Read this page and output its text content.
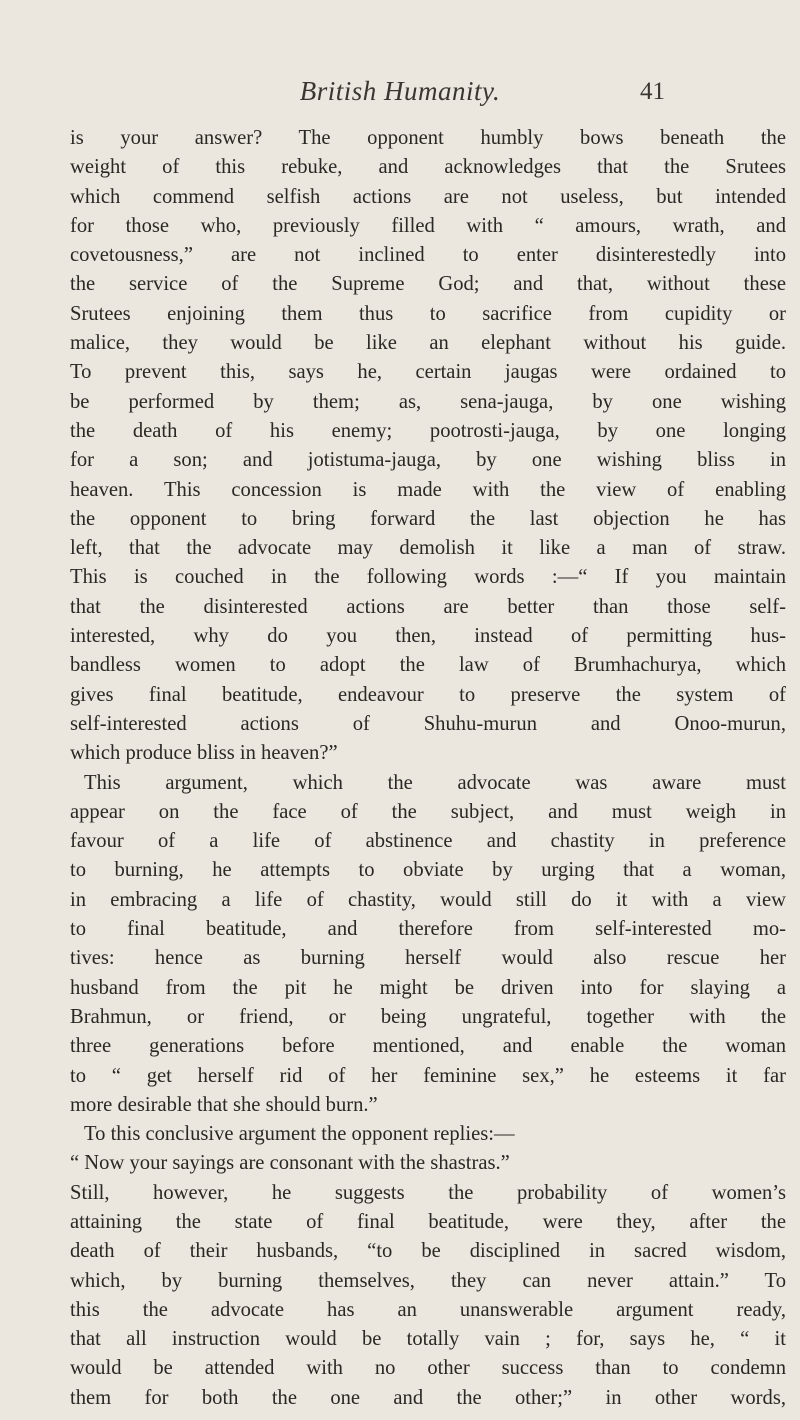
British Humanity.	41
is your answer? The opponent humbly bows beneath the
weight of this rebuke, and acknowledges that the Srutees
which commend selfish actions are not useless, but intended
for those who, previously filled with “ amours, wrath, and
covetousness,” are not inclined to enter disinterestedly into
the service of the Supreme God; and that, without these
Srutees enjoining them thus to sacrifice from cupidity or
malice, they would be like an elephant without his guide.
To prevent this, says he, certain jaugas were ordained to
be performed by them; as, sena-jauga, by one wishing
the death of his enemy; pootrosti-jauga, by one longing
for a son; and jotistuma-jauga, by one wishing bliss in
heaven. This concession is made with the view of enabling
the opponent to bring forward the last objection he has
left, that the advocate may demolish it like a man of straw.
This is couched in the following words :—“ If you maintain
that the disinterested actions are better than those self-
interested, why do you then, instead of permitting hus-
bandless women to adopt the law of Brumhachurya, which
gives final beatitude, endeavour to preserve the system of
self-interested actions of Shuhu-murun and Onoo-murun,
which produce bliss in heaven?”
This argument, which the advocate was aware must
appear on the face of the subject, and must weigh in
favour of a life of abstinence and chastity in preference
to burning, he attempts to obviate by urging that a woman,
in embracing a life of chastity, would still do it with a view
to final beatitude, and therefore from self-interested mo-
tives: hence as burning herself would also rescue her
husband from the pit he might be driven into for slaying a
Brahmun, or friend, or being ungrateful, together with the
three generations before mentioned, and enable the woman
to “ get herself rid of her feminine sex,” he esteems it far
more desirable that she should burn.”
To this conclusive argument the opponent replies:—
“ Now your sayings are consonant with the shastras.”
Still, however, he suggests the probability of women’s
attaining the state of final beatitude, were they, after the
death of their husbands, “to be disciplined in sacred wisdom,
which, by burning themselves, they can never attain.” To
this the advocate has an unanswerable argument ready,
that all instruction would be totally vain ; for, says he, “ it
would be attended with no other success than to condemn
them for both the one and the other;” in other words,
